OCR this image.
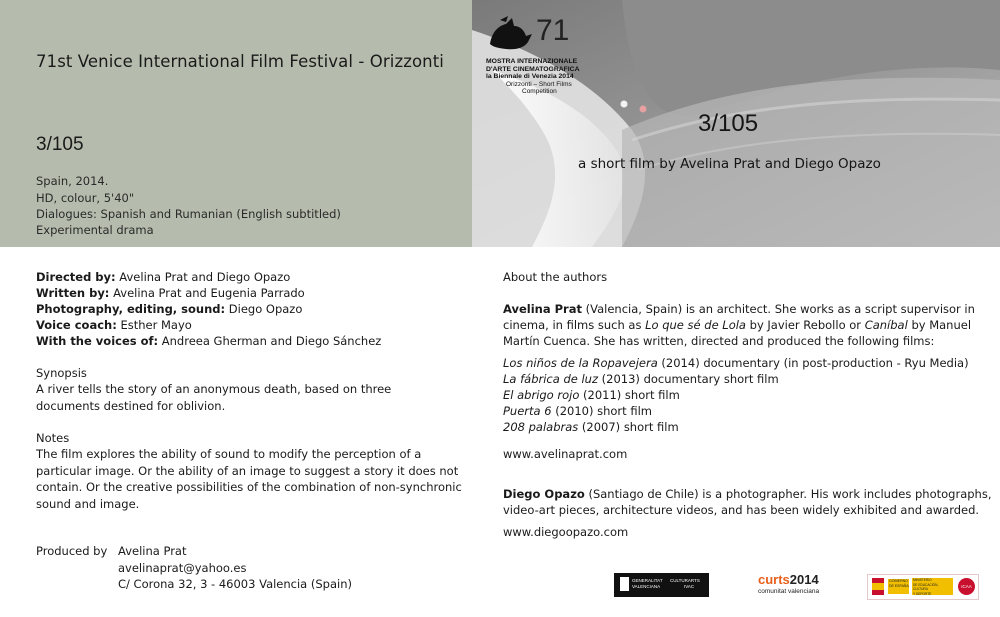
71st Venice International Film Festival - Orizzonti
3/105
Spain, 2014.
HD, colour, 5'40"
Dialogues: Spanish and Rumanian (English subtitled)
Experimental drama
71
MOSTRA INTERNAZIONALE
D'ARTE CINEMATOGRAFICA
la Biennale di Venezia 2014
Orizzonti – Short Films
Competition
3/105
a short film by Avelina Prat and Diego Opazo
Directed by: Avelina Prat and Diego Opazo
Written by: Avelina Prat and Eugenia Parrado
Photography, editing, sound: Diego Opazo
Voice coach: Esther Mayo
With the voices of: Andreea Gherman and Diego Sánchez
Synopsis
A river tells the story of an anonymous death, based on three documents destined for oblivion.
Notes
The film explores the ability of sound to modify the perception of a particular image. Or the ability of an image to suggest a story it does not contain. Or the creative possibilities of the combination of non-synchronic sound and image.
Produced by Avelina Prat
avelinaprat@yahoo.es
C/ Corona 32, 3 - 46003 Valencia (Spain)
About the authors
Avelina Prat (Valencia, Spain) is an architect. She works as a script supervisor in
cinema, in films such as Lo que sé de Lola by Javier Rebollo or Caníbal by Manuel
Martín Cuenca. She has written, directed and produced the following films:
Los niños de la Ropavejera (2014) documentary (in post-production - Ryu Media)
La fábrica de luz (2013) documentary short film
El abrigo rojo (2011) short film
Puerta 6 (2010) short film
208 palabras (2007) short film
www.avelinaprat.com
Diego Opazo (Santiago de Chile) is a photographer. His work includes photographs,
video-art pieces, architecture videos, and has been widely exhibited and awarded.
www.diegoopazo.com
GENERALITAT
VALENCIANA
CULTURARTS
IVAC	curts2014
comunitat valenciana
GOBIERNO
DE ESPAÑA
MINISTERIO
DE EDUCACIÓN, CULTURA
Y DEPORTE
ICAA
